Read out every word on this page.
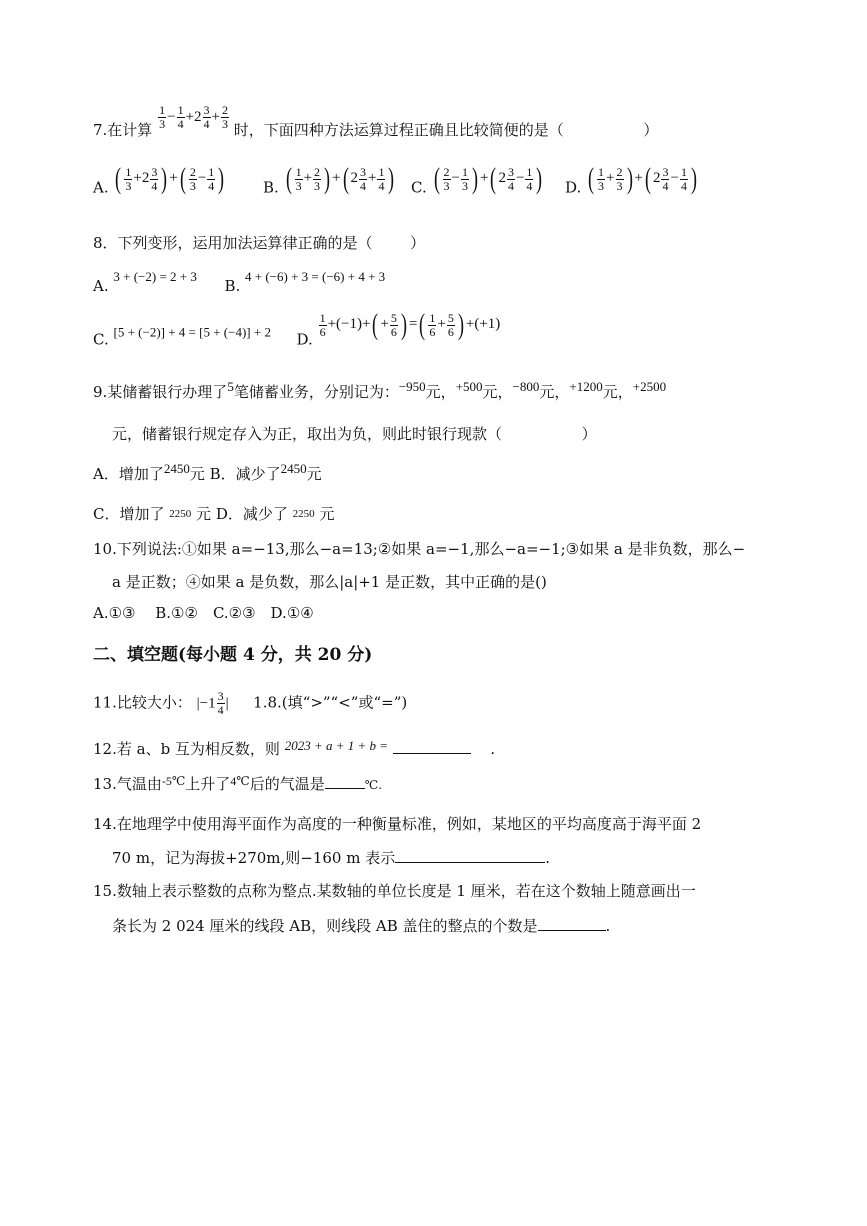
7.在计算 $\frac{1}{3} - \frac{1}{4} +2 \frac{3}{4} + \frac{2}{3}$ 时，下面四种方法运算过程正确且比较简便的是（	）
A. ( $\frac{1}{3} +2 \frac{3}{4}$ ) +( $\frac{2}{3} - \frac{1}{4}$ )	B. ( $\frac{1}{3} + \frac{2}{3}$ ) +( $2 \frac{3}{4} + \frac{1}{4}$ )	C. ( $\frac{2}{3} - \frac{1}{3}$ ) +( $2 \frac{3}{4} - \frac{1}{4}$ )	D. ( $\frac{1}{3} + \frac{2}{3}$ ) +( $2 \frac{3}{4} - \frac{1}{4}$ )
8．下列变形，运用加法运算律正确的是（	）
A. 3 + (−2) = 2 + 3  B. 4 + (−6) + 3 = (−6) + 4 + 3
C. [5 + (−2)] + 4 = [5 + (−4)] + 2 D.
$\frac{1}{6} +(-1)+( + \frac{5}{6}$ ) =( $\frac{1}{6} + \frac{5}{6}$ ) +(+1)
9.某储蓄银行办理了5笔储蓄业务，分别记为：−950元，+500元，−800元，+1200元，+2500
元，储蓄银行规定存入为正，取出为负，则此时银行现款（	）
A．增加了2450元 B．减少了2450元
C．增加了 2250 元 D．减少了 2250 元
10.下列说法:①如果 a=−13,那么−a=13;②如果 a=−1,那么−a=−1;③如果 a 是非负数，那么−
a 是正数；④如果 a 是负数，那么|a|+1 是正数，其中正确的是()
A.①③　 B.①②　C.②③　D.①④
二、填空题(每小题 4 分，共 20 分)
11.比较大小： $|-1 \frac{3}{4}$ | 　 1.8.(填“>”“<”或“=”)
12.若 a、b 互为相反数，则 2023 + a + 1 + b =	.
13.气温由$^{-5℃}$上升了$^{4℃}$后的气温是	℃.
14.在地理学中使用海平面作为高度的一种衡量标准，例如，某地区的平均高度高于海平面 2
70 m，记为海拔+270m,则−160 m 表示	.
15.数轴上表示整数的点称为整点.某数轴的单位长度是 1 厘米，若在这个数轴上随意画出一
条长为 2 024 厘米的线段 AB，则线段 AB 盖住的整点的个数是	.
